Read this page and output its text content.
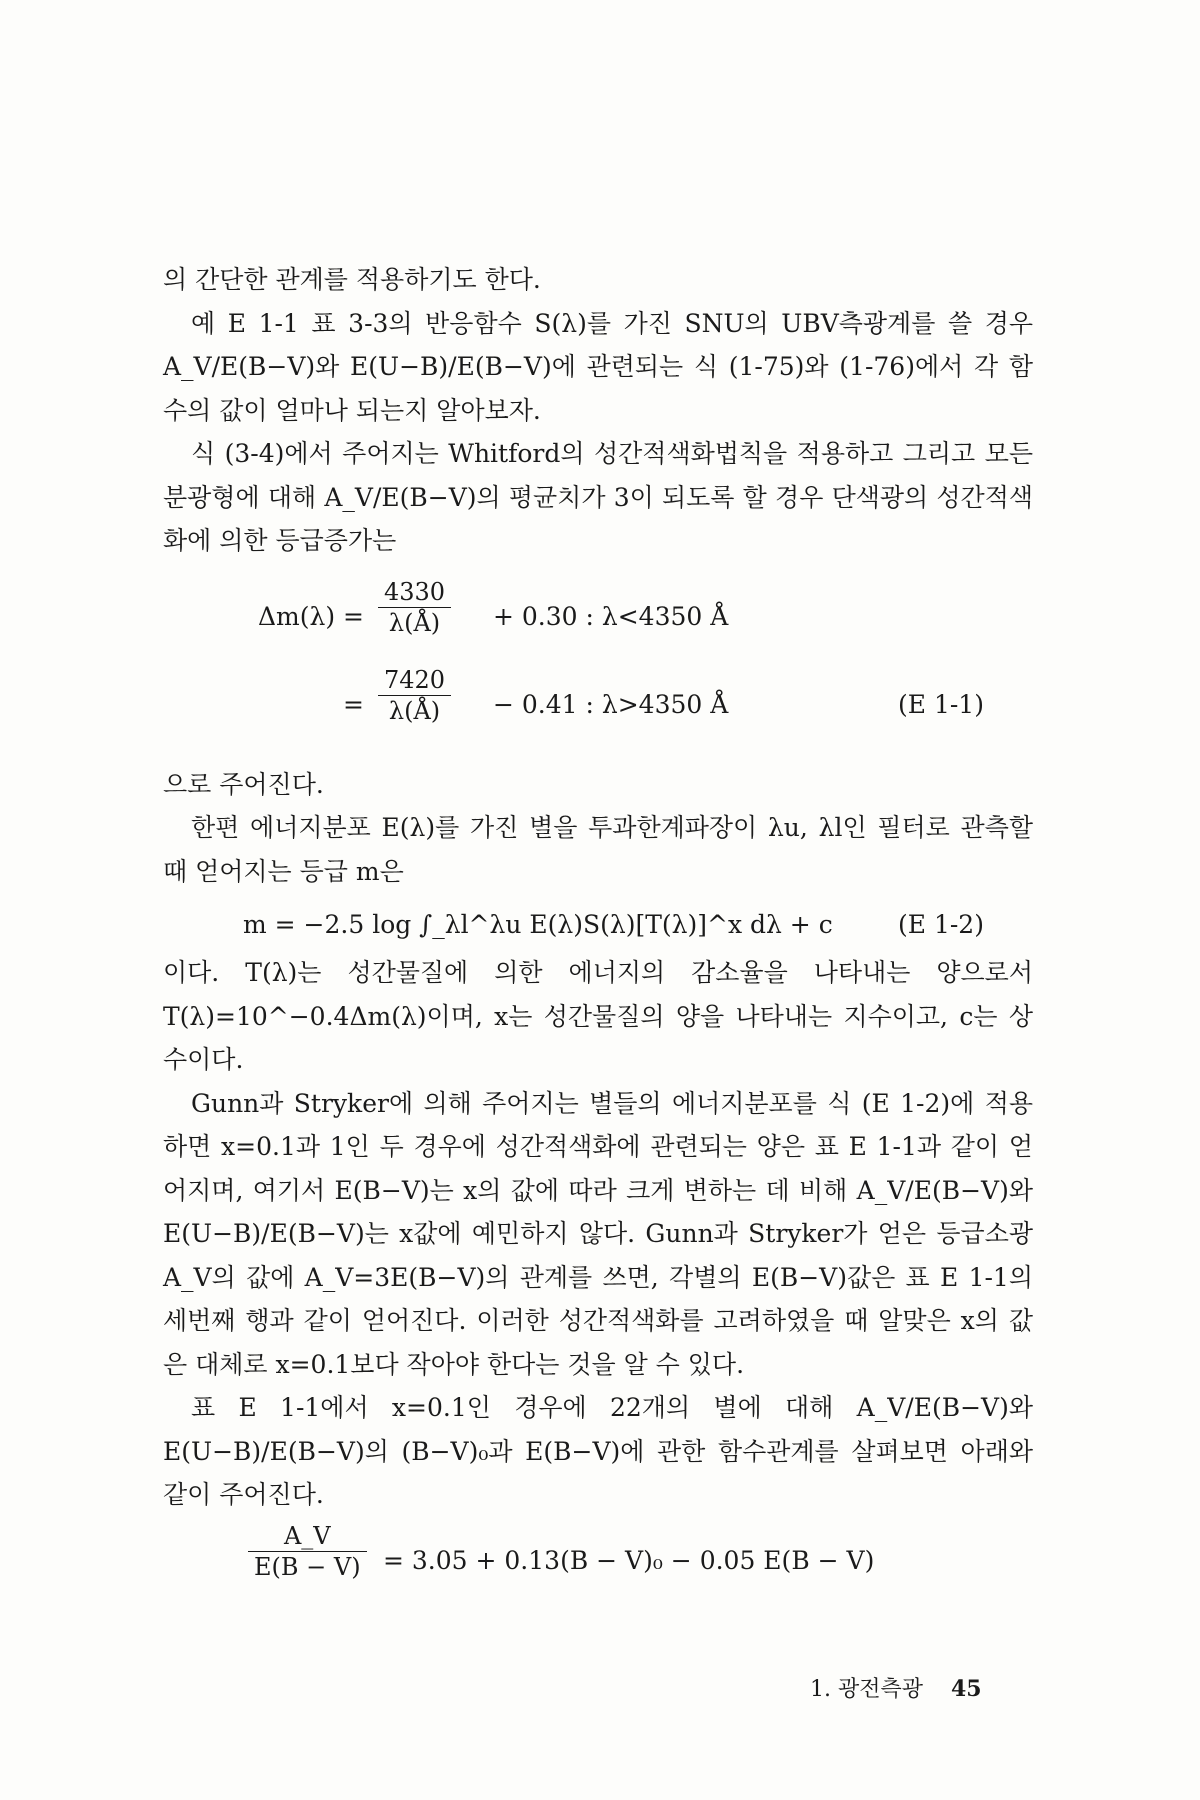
의 간단한 관계를 적용하기도 한다.

예 E 1-1 표 3-3의 반응함수 S(λ)를 가진 SNU의 UBV측광계를 쓸 경우 A_V/E(B−V)와 E(U−B)/E(B−V)에 관련되는 식 (1-75)와 (1-76)에서 각 함수의 값이 얼마나 되는지 알아보자.

식 (3-4)에서 주어지는 Whitford의 성간적색화법칙을 적용하고 그리고 모든 분광형에 대해 A_V/E(B−V)의 평균치가 3이 되도록 할 경우 단색광의 성간적색화에 의한 등급증가는

$\Delta m(\lambda) = \frac{4330}{\lambda(Å)} + 0.30$ : λ<4350 Å
= $\frac{7420}{\lambda(Å)} - 0.41$ : λ>4350 Å	(E 1-1)

으로 주어진다.

한편 에너지분포 E(λ)를 가진 별을 투과한계파장이 λu, λl인 필터로 관측할 때 얻어지는 등급 m은

m = −2.5 log ∫_λl^λu E(λ)S(λ)[T(λ)]^x dλ + c	(E 1-2)

이다. T(λ)는 성간물질에 의한 에너지의 감소율을 나타내는 양으로서 T(λ)=10^−0.4Δm(λ)이며, x는 성간물질의 양을 나타내는 지수이고, c는 상수이다.

Gunn과 Stryker에 의해 주어지는 별들의 에너지분포를 식 (E 1-2)에 적용하면 x=0.1과 1인 두 경우에 성간적색화에 관련되는 양은 표 E 1-1과 같이 얻어지며, 여기서 E(B−V)는 x의 값에 따라 크게 변하는 데 비해 A_V/E(B−V)와 E(U−B)/E(B−V)는 x값에 예민하지 않다. Gunn과 Stryker가 얻은 등급소광 A_V의 값에 A_V=3E(B−V)의 관계를 쓰면, 각별의 E(B−V)값은 표 E 1-1의 세번째 행과 같이 얻어진다. 이러한 성간적색화를 고려하였을 때 알맞은 x의 값은 대체로 x=0.1보다 작아야 한다는 것을 알 수 있다.

표 E 1-1에서 x=0.1인 경우에 22개의 별에 대해 A_V/E(B−V)와 E(U−B)/E(B−V)의 (B−V)₀과 E(B−V)에 관한 함수관계를 살펴보면 아래와 같이 주어진다.

$\frac{A\_V}{E(B - V)} = 3.05 + 0.13(B - V)_0 - 0.05$ E(B − V)
1. 광전측광 45
